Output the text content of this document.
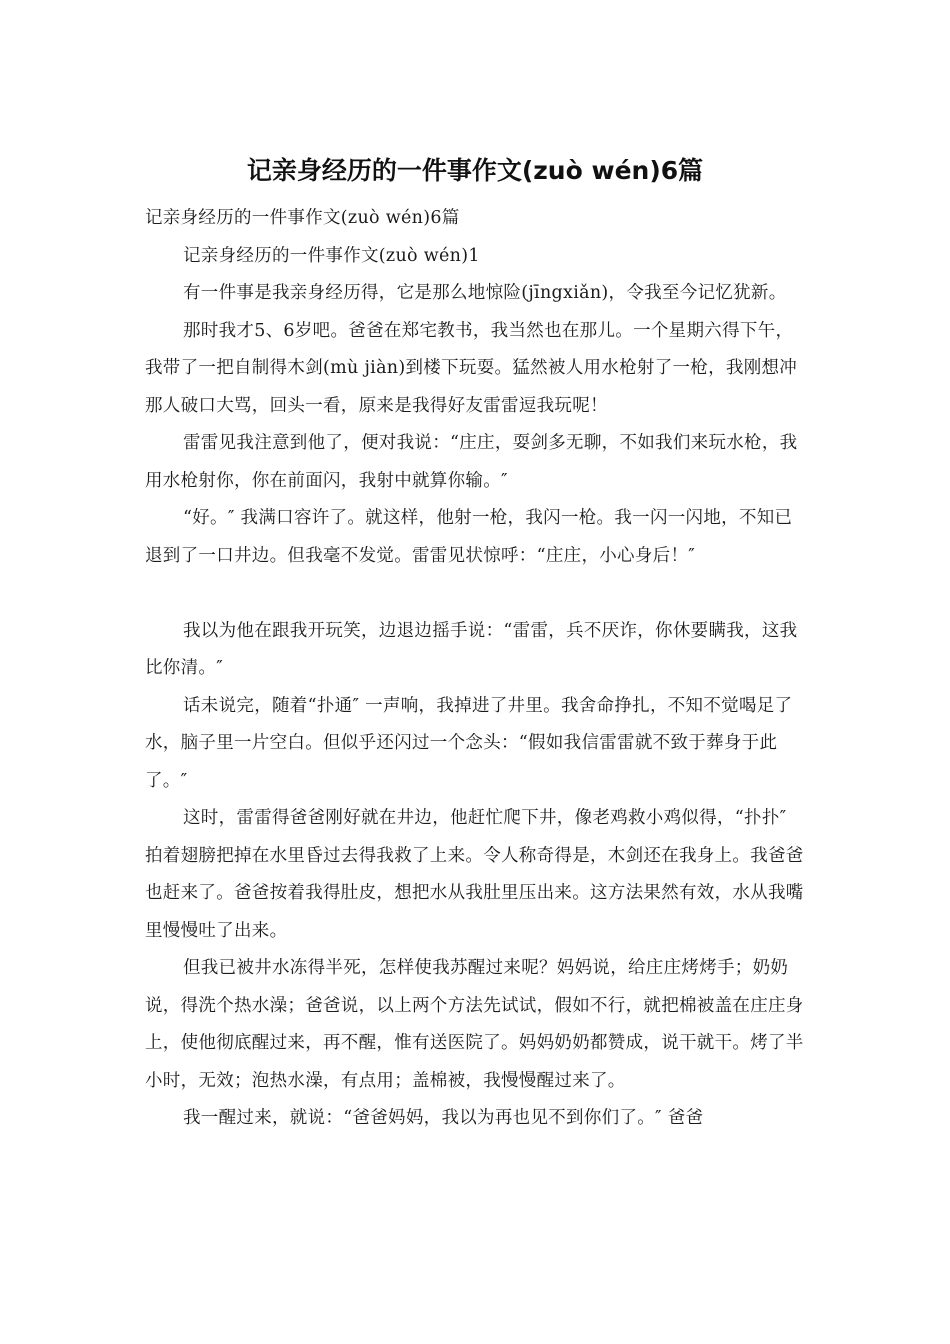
记亲身经历的一件事作文(zuò wén)6篇

记亲身经历的一件事作文(zuò wén)6篇

记亲身经历的一件事作文(zuò wén)1

有一件事是我亲身经历得，它是那么地惊险(jīngxiǎn)，令我至今记忆犹新。

那时我才5、6岁吧。爸爸在郑宅教书，我当然也在那儿。一个星期六得下午，我带了一把自制得木剑(mù jiàn)到楼下玩耍。猛然被人用水枪射了一枪，我刚想冲那人破口大骂，回头一看，原来是我得好友雷雷逗我玩呢！

雷雷见我注意到他了，便对我说：“庄庄，耍剑多无聊，不如我们来玩水枪，我用水枪射你，你在前面闪，我射中就算你输。″

“好。″ 我满口容许了。就这样，他射一枪，我闪一枪。我一闪一闪地，不知已退到了一口井边。但我毫不发觉。雷雷见状惊呼：“庄庄，小心身后！″

我以为他在跟我开玩笑，边退边摇手说：“雷雷，兵不厌诈，你休要瞒我，这我比你清。″

话未说完，随着“扑通″ 一声响，我掉进了井里。我舍命挣扎，不知不觉喝足了水，脑子里一片空白。但似乎还闪过一个念头：“假如我信雷雷就不致于葬身于此了。″

这时，雷雷得爸爸刚好就在井边，他赶忙爬下井，像老鸡救小鸡似得，“扑扑″ 拍着翅膀把掉在水里昏过去得我救了上来。令人称奇得是，木剑还在我身上。我爸爸也赶来了。爸爸按着我得肚皮，想把水从我肚里压出来。这方法果然有效，水从我嘴里慢慢吐了出来。

但我已被井水冻得半死，怎样使我苏醒过来呢？妈妈说，给庄庄烤烤手；奶奶说，得洗个热水澡；爸爸说，以上两个方法先试试，假如不行，就把棉被盖在庄庄身上，使他彻底醒过来，再不醒，惟有送医院了。妈妈奶奶都赞成，说干就干。烤了半小时，无效；泡热水澡，有点用；盖棉被，我慢慢醒过来了。

我一醒过来，就说：“爸爸妈妈，我以为再也见不到你们了。″ 爸爸
